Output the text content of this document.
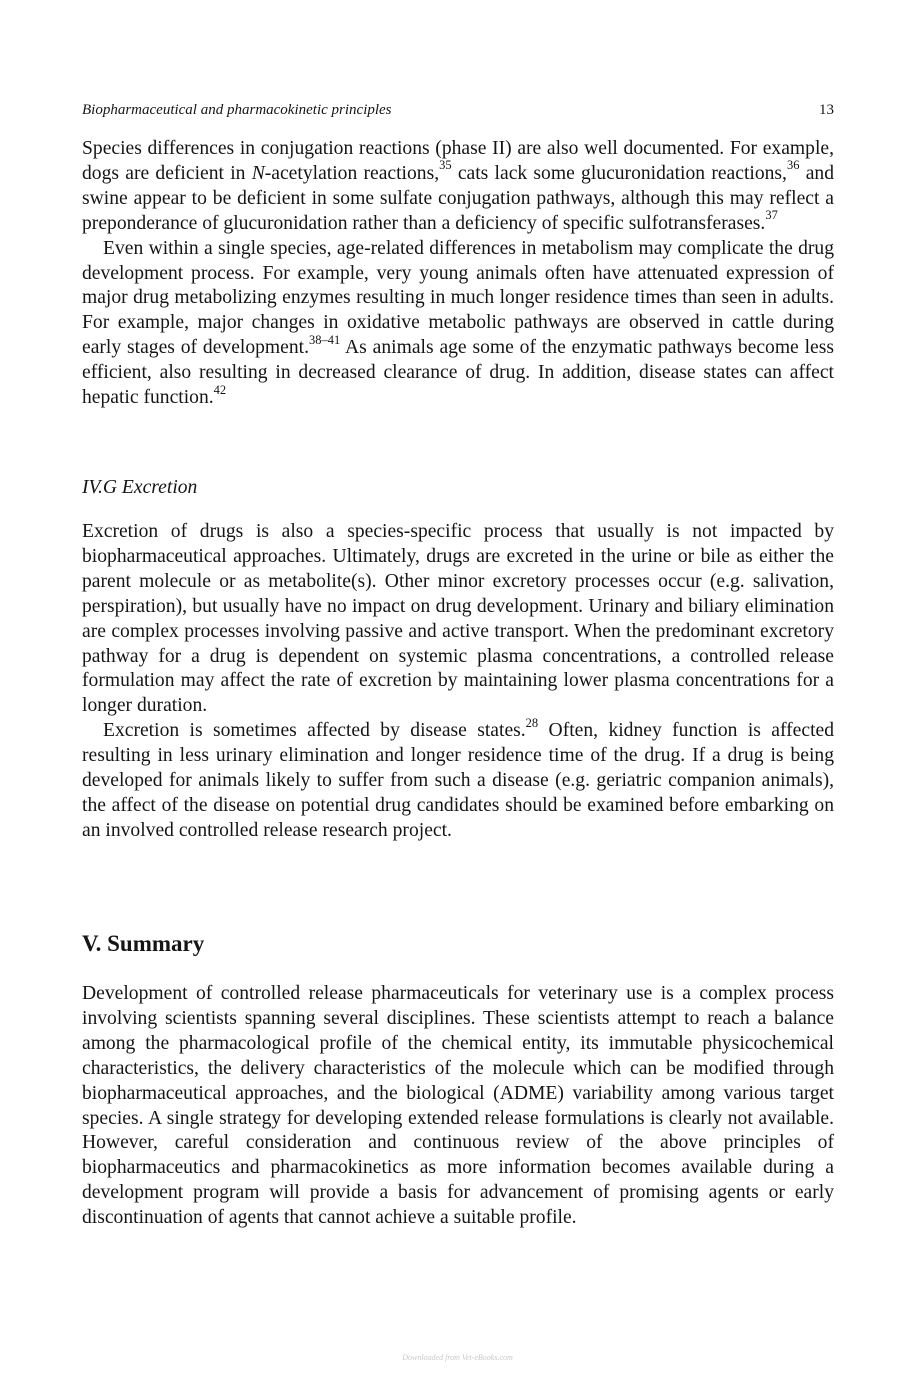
Biopharmaceutical and pharmacokinetic principles	13

Species differences in conjugation reactions (phase II) are also well documented. For example, dogs are deficient in N-acetylation reactions,$^{35}$ cats lack some glucuronidation reactions,$^{36}$ and swine appear to be deficient in some sulfate conjugation pathways, although this may reflect a preponderance of glucuronidation rather than a deficiency of specific sulfotransferases.$^{37}$

Even within a single species, age-related differences in metabolism may complicate the drug development process. For example, very young animals often have attenuated expression of major drug metabolizing enzymes resulting in much longer residence times than seen in adults. For example, major changes in oxidative metabolic pathways are observed in cattle during early stages of development.$^{38-41}$ As animals age some of the enzymatic pathways become less efficient, also resulting in decreased clearance of drug. In addition, disease states can affect hepatic function.$^{42}$

IV.G Excretion

Excretion of drugs is also a species-specific process that usually is not impacted by biopharmaceutical approaches. Ultimately, drugs are excreted in the urine or bile as either the parent molecule or as metabolite(s). Other minor excretory processes occur (e.g. salivation, perspiration), but usually have no impact on drug development. Urinary and biliary elimination are complex processes involving passive and active transport. When the predominant excretory pathway for a drug is dependent on systemic plasma concentrations, a controlled release formulation may affect the rate of excretion by maintaining lower plasma concentrations for a longer duration.

Excretion is sometimes affected by disease states.$^{28}$ Often, kidney function is affected resulting in less urinary elimination and longer residence time of the drug. If a drug is being developed for animals likely to suffer from such a disease (e.g. geriatric companion animals), the affect of the disease on potential drug candidates should be examined before embarking on an involved controlled release research project.

V. Summary

Development of controlled release pharmaceuticals for veterinary use is a complex process involving scientists spanning several disciplines. These scientists attempt to reach a balance among the pharmacological profile of the chemical entity, its immutable physicochemical characteristics, the delivery characteristics of the molecule which can be modified through biopharmaceutical approaches, and the biological (ADME) variability among various target species. A single strategy for developing extended release formulations is clearly not available. However, careful consideration and continuous review of the above principles of biopharmaceutics and pharmacokinetics as more information becomes available during a development program will provide a basis for advancement of promising agents or early discontinuation of agents that cannot achieve a suitable profile.

Downloaded from Vet-eBooks.com
